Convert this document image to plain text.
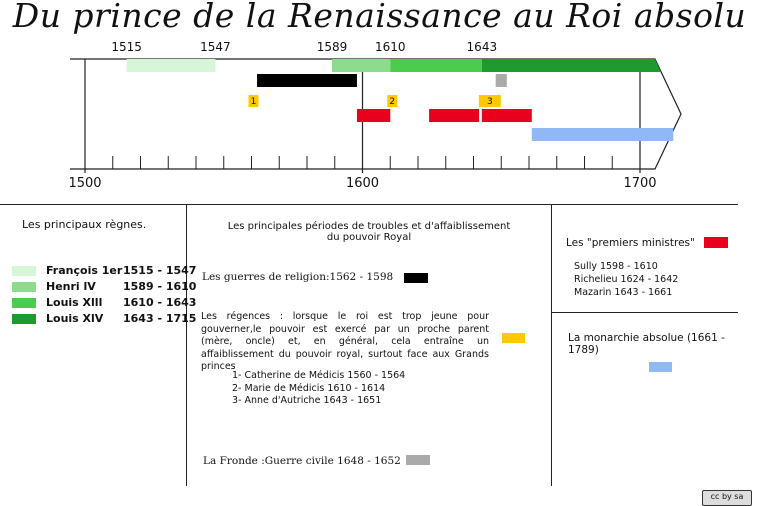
Du prince de la Renaissance au Roi absolu
1500	1600	1700
1515	1547	1589 1610	1643
1	2	3
Les principaux règnes.
François 1er 1515 - 1547
Henri lV 1589 - 1610
Louis Xlll 1610 - 1643
Louis XlV 1643 - 1715
Les principales périodes de troubles et d'affaiblissement
du pouvoir Royal
Les guerres de religion:1562 - 1598
Les régences : lorsque le roi est trop jeune pour gouverner,le pouvoir est exercé par un proche parent (mère, oncle) et, en général, cela entraîne un affaiblissement du pouvoir royal, surtout face aux Grands princes
1- Catherine de Médicis 1560 - 1564
2- Marie de Médicis 1610 - 1614
3- Anne d'Autriche 1643 - 1651
La Fronde :Guerre civile 1648 - 1652
Les "premiers ministres"
Sully 1598 - 1610
Richelieu 1624 - 1642
Mazarin 1643 - 1661
La monarchie absolue (1661 - 1789)
cc by sa
